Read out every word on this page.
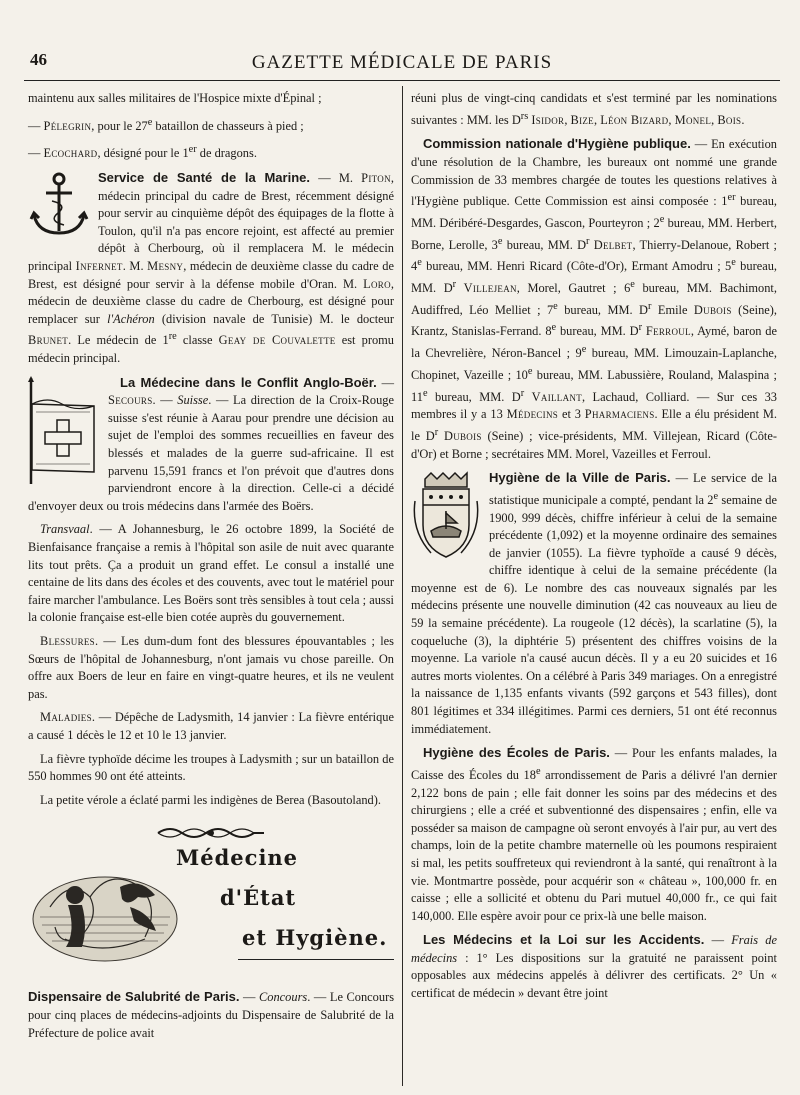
46	GAZETTE MÉDICALE DE PARIS

maintenu aux salles militaires de l'Hospice mixte d'Épinal ;

— Pélegrin, pour le 27e bataillon de chasseurs à pied ;

— Ecochard, désigné pour le 1er de dragons.

Service de Santé de la Marine. — M. Piton, médecin principal du cadre de Brest, récemment désigné pour servir au cinquième dépôt des équipages de la flotte à Toulon, qu'il n'a pas encore rejoint, est affecté au premier dépôt à Cherbourg, où il remplacera M. le médecin principal Infernet. M. Mesny, médecin de deuxième classe du cadre de Brest, est désigné pour servir à la défense mobile d'Oran. M. Loro, médecin de deuxième classe du cadre de Cherbourg, est désigné pour remplacer sur l'Achéron (division navale de Tunisie) M. le docteur Brunet. Le médecin de 1re classe Geay de Couvalette est promu médecin principal.

La Médecine dans le Conflit Anglo-Boër. — Secours. — Suisse. — La direction de la Croix-Rouge suisse s'est réunie à Aarau pour prendre une décision au sujet de l'emploi des sommes recueillies en faveur des blessés et malades de la guerre sud-africaine. Il est parvenu 15,591 francs et l'on prévoit que d'autres dons parviendront encore à la direction. Celle-ci a décidé d'envoyer deux ou trois médecins dans l'armée des Boërs.

Transvaal. — A Johannesburg, le 26 octobre 1899, la Société de Bienfaisance française a remis à l'hôpital son asile de nuit avec quarante lits tout prêts. Ça a produit un grand effet. Le consul a installé une centaine de lits dans des écoles et des couvents, avec tout le matériel pour faire marcher l'ambulance. Les Boërs sont très sensibles à tout cela ; aussi la colonie française est-elle bien cotée auprès du gouvernement.

Blessures. — Les dum-dum font des blessures épouvantables ; les Sœurs de l'hôpital de Johannesburg, n'ont jamais vu chose pareille. On offre aux Boers de leur en faire en vingt-quatre heures, et ils ne veulent pas.

Maladies. — Dépêche de Ladysmith, 14 janvier : La fièvre entérique a causé 1 décès le 12 et 10 le 13 janvier.

La fièvre typhoïde décime les troupes à Ladysmith ; sur un bataillon de 550 hommes 90 ont été atteints.

La petite vérole a éclaté parmi les indigènes de Berea (Basoutoland).

Médecine
d'État
et Hygiène.

Dispensaire de Salubrité de Paris. — Concours. — Le Concours pour cinq places de médecins-adjoints du Dispensaire de Salubrité de la Préfecture de police avait

réuni plus de vingt-cinq candidats et s'est terminé par les nominations suivantes : MM. les $D^{rs}$ Isidor, Bize, Léon Bizard, Monel, Bois.

Commission nationale d'Hygiène publique. — En exécution d'une résolution de la Chambre, les bureaux ont nommé une grande Commission de 33 membres chargée de toutes les questions relatives à l'Hygiène publique. Cette Commission est ainsi composée : 1er bureau, MM. Déribéré-Desgardes, Gascon, Pourteyron ; 2e bureau, MM. Herbert, Borne, Lerolle, 3e bureau, MM. $D^r$ Delbet, Thierry-Delanoue, Robert ; 4e bureau, MM. Henri Ricard (Côte-d'Or), Ermant Amodru ; 5e bureau, MM. $D^r$ Villejean, Morel, Gautret ; 6e bureau, MM. Bachimont, Audiffred, Léo Melliet ; 7e bureau, MM. $D^r$ Emile Dubois (Seine), Krantz, Stanislas-Ferrand. 8e bureau, MM. $D^r$ Ferroul, Aymé, baron de la Chevrelière, Néron-Bancel ; 9e bureau, MM. Limouzain-Laplanche, Chopinet, Vazeille ; 10e bureau, MM. Labussière, Rouland, Malaspina ; 11e bureau, MM. $D^r$ Vaillant, Lachaud, Colliard. — Sur ces 33 membres il y a 13 Médecins et 3 Pharmaciens. Elle a élu président M. le $D^r$ Dubois (Seine) ; vice-présidents, MM. Villejean, Ricard (Côte-d'Or) et Borne ; secrétaires MM. Morel, Vazeilles et Ferroul.

Hygiène de la Ville de Paris. — Le service de la statistique municipale a compté, pendant la 2e semaine de 1900, 999 décès, chiffre inférieur à celui de la semaine précédente (1,092) et la moyenne ordinaire des semaines de janvier (1055). La fièvre typhoïde a causé 9 décès, chiffre identique à celui de la semaine précédente (la moyenne est de 6). Le nombre des cas nouveaux signalés par les médecins présente une nouvelle diminution (42 cas nouveaux au lieu de 59 la semaine précédente). La rougeole (12 décès), la scarlatine (5), la coqueluche (3), la diphtérie 5) présentent des chiffres voisins de la moyenne. La variole n'a causé aucun décès. Il y a eu 20 suicides et 16 autres morts violentes. On a célébré à Paris 349 mariages. On a enregistré la naissance de 1,135 enfants vivants (592 garçons et 543 filles), dont 801 légitimes et 334 illégitimes. Parmi ces derniers, 51 ont été reconnus immédiatement.

Hygiène des Écoles de Paris. — Pour les enfants malades, la Caisse des Écoles du 18e arrondissement de Paris a délivré l'an dernier 2,122 bons de pain ; elle fait donner les soins par des médecins et des chirurgiens ; elle a créé et subventionné des dispensaires ; enfin, elle va posséder sa maison de campagne où seront envoyés à l'air pur, au vert des champs, loin de la petite chambre maternelle où les poumons respiraient si mal, les petits souffreteux qui reviendront à la santé, qui renaîtront à la vie. Montmartre possède, pour acquérir son « château », 100,000 fr. en caisse ; elle a sollicité et obtenu du Pari mutuel 40,000 fr., ce qui fait 140,000. Elle espère avoir pour ce prix-là une belle maison.

Les Médecins et la Loi sur les Accidents. — Frais de médecins : 1° Les dispositions sur la gratuité ne paraissent point opposables aux médecins appelés à délivrer des certificats. 2° Un « certificat de médecin » devant être joint
